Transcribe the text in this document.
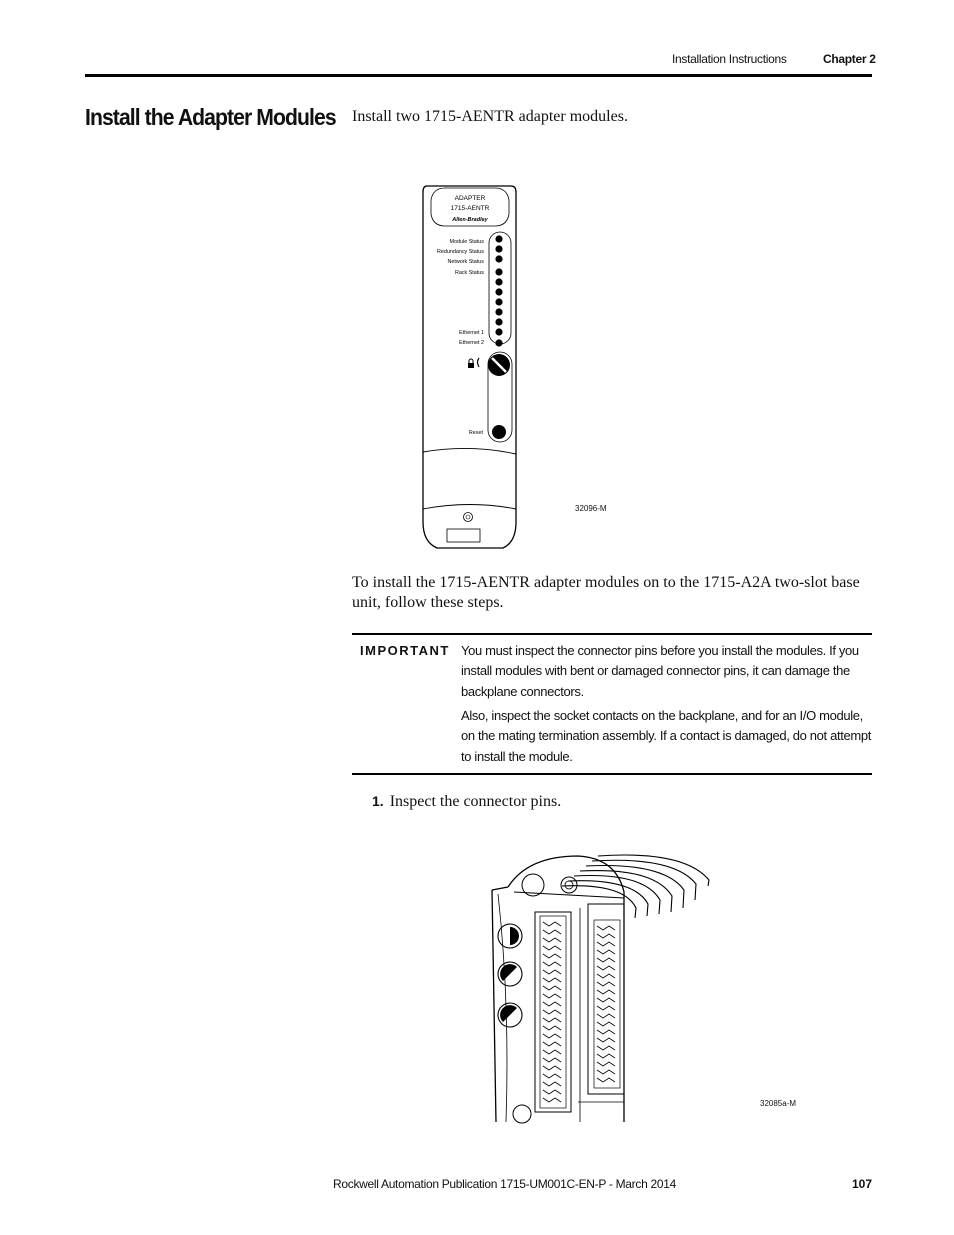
Installation Instructions	Chapter 2
Install the Adapter Modules Install two 1715-AENTR adapter modules.

ADAPTER
1715-AENTR
Allen-Bradley
Module Status
Redundancy Status
Network Status
Rack Status
Ethernet 1
Ethernet 2
Reset
32096-M

To install the 1715-AENTR adapter modules on to the 1715-A2A two-slot base unit, follow these steps.

IMPORTANT You must inspect the connector pins before you install the modules. If you install modules with bent or damaged connector pins, it can damage the backplane connectors.

Also, inspect the socket contacts on the backplane, and for an I/O module, on the mating termination assembly. If a contact is damaged, do not attempt to install the module.

1. Inspect the connector pins.
32085a-M
Rockwell Automation Publication 1715-UM001C-EN-P - March 2014	107
